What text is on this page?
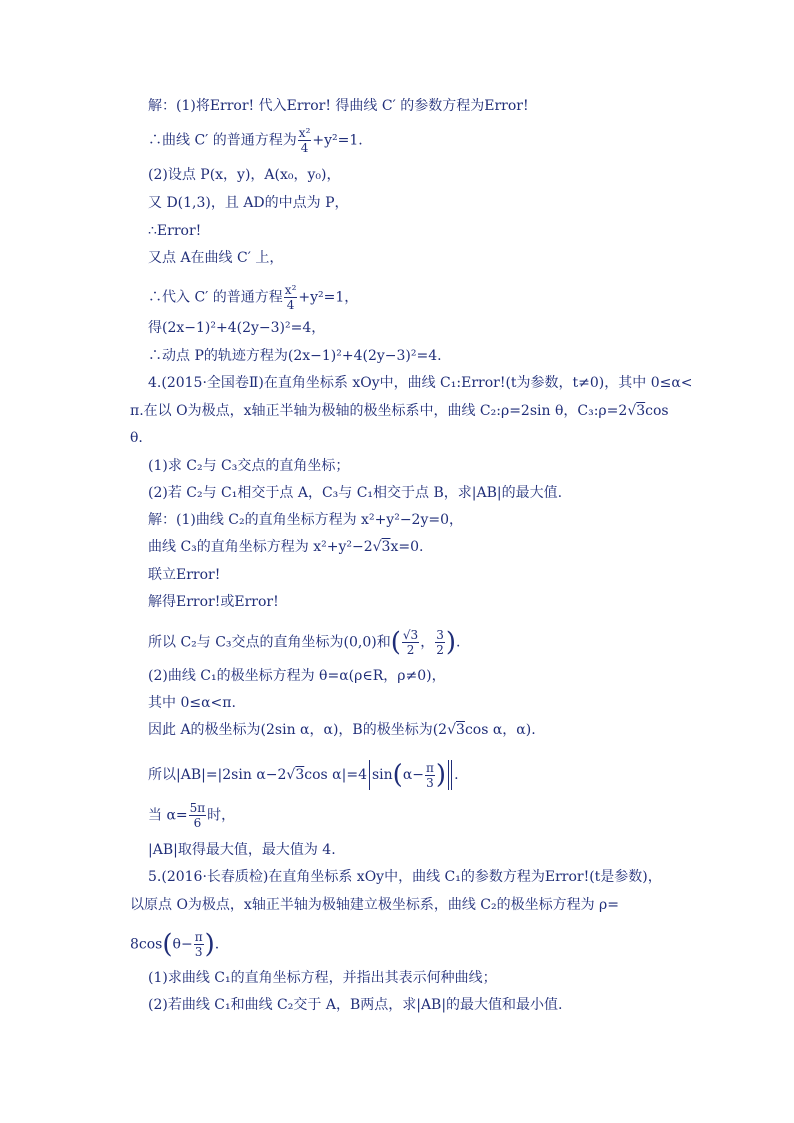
解：(1)将Error! 代入Error! 得曲线 C′ 的参数方程为Error!
∴曲线 C′ 的普通方程为 $\frac{\text{x²}}{4} +y^2=1$.
(2)设点 P(x，y)，A(x₀，y₀)，
又 D(1,3)，且 AD的中点为 P，
∴Error!
又点 A在曲线 C′ 上，
∴代入 C′ 的普通方程 $\frac{\text{x²}}{4} +y^2=1$，
得(2x−1)²+4(2y−3)²=4，
∴动点 P的轨迹方程为(2x−1)²+4(2y−3)²=4.
4.(2015·全国卷Ⅱ)在直角坐标系 xOy中，曲线 C₁:Error!(t为参数，t≠0)，其中 0≤α<
π.在以 O为极点，x轴正半轴为极轴的极坐标系中，曲线 C₂:ρ=2sin θ，C₃:ρ=2√3cos
θ.
(1)求 C₂与 C₃交点的直角坐标；
(2)若 C₂与 C₁相交于点 A，C₃与 C₁相交于点 B，求|AB|的最大值.
解：(1)曲线 C₂的直角坐标方程为 x²+y²−2y=0，
曲线 C₃的直角坐标方程为 x²+y²−2√3x=0.
联立Error!
解得Error!或Error!
所以 C₂与 C₃交点的直角坐标为(0,0)和( $\frac{√3}{2}$ ， $\frac{3}{2}$ ).
(2)曲线 C₁的极坐标方程为 θ=α(ρ∈R，ρ≠0)，
其中 0≤α<π.
因此 A的极坐标为(2sin α，α)，B的极坐标为(2√3cos α，α).
所以|AB|=|2sin α−2√3cos α|=4 $\sin(\alpha- \frac{\pi}{3}$ ) .
当 $\alpha= \frac{5\pi}{6}$ 时，
|AB|取得最大值，最大值为 4.
5.(2016·长春质检)在直角坐标系 xOy中，曲线 C₁的参数方程为Error!(t是参数)，
以原点 O为极点，x轴正半轴为极轴建立极坐标系，曲线 C₂的极坐标方程为 ρ=
$8\cos(\theta- \frac{\pi}{3}$ ).
(1)求曲线 C₁的直角坐标方程，并指出其表示何种曲线；
(2)若曲线 C₁和曲线 C₂交于 A，B两点，求|AB|的最大值和最小值.
